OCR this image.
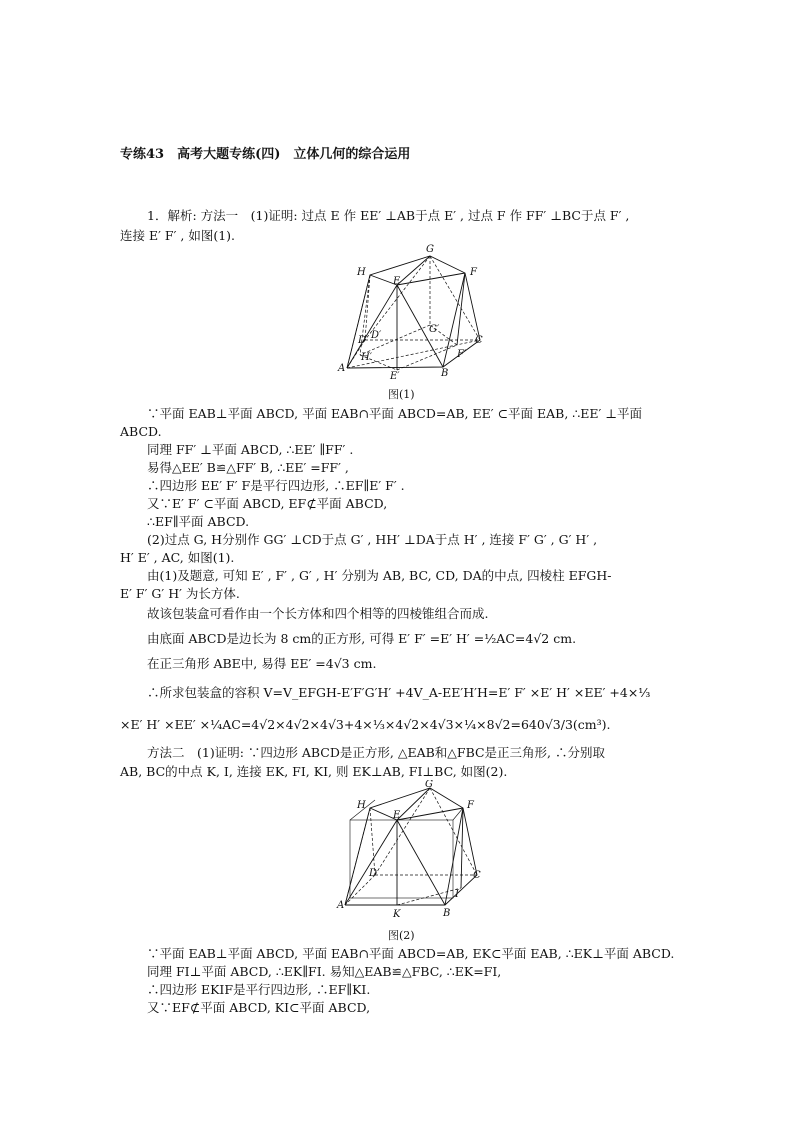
专练43　高考大题专练(四)　立体几何的综合运用
1．解析: 方法一　(1)证明: 过点 E 作 EE′ ⊥AB于点 E′ , 过点 F 作 FF′ ⊥BC于点 F′ ,
连接 E′ F′ , 如图(1).
G
H	F
E
D′
G′
C
D
F′
H′
A
E′	B
图(1)
∵平面 EAB⊥平面 ABCD, 平面 EAB∩平面 ABCD=AB, EE′ ⊂平面 EAB, ∴EE′ ⊥平面
ABCD.
同理 FF′ ⊥平面 ABCD, ∴EE′ ∥FF′ .
易得△EE′ B≌△FF′ B, ∴EE′ =FF′ ,
∴四边形 EE′ F′ F是平行四边形, ∴EF∥E′ F′ .
又∵E′ F′ ⊂平面 ABCD, EF⊄平面 ABCD,
∴EF∥平面 ABCD.
(2)过点 G, H分别作 GG′ ⊥CD于点 G′ , HH′ ⊥DA于点 H′ , 连接 F′ G′ , G′ H′ ,
H′ E′ , AC, 如图(1).
由(1)及题意, 可知 E′ , F′ , G′ , H′ 分别为 AB, BC, CD, DA的中点, 四棱柱 EFGH-
E′ F′ G′ H′ 为长方体.
故该包装盒可看作由一个长方体和四个相等的四棱锥组合而成.
由底面 ABCD是边长为 8 cm的正方形, 可得 E′ F′ =E′ H′ =½AC=4√2 cm.
在正三角形 ABE中, 易得 EE′ =4√3 cm.
∴所求包装盒的容积 V=V_EFGH-E′F′G′H′ +4V_A-EE′H′H=E′ F′ ×E′ H′ ×EE′ +4×⅓
×E′ H′ ×EE′ ×¼AC=4√2×4√2×4√3+4×⅓×4√2×4√3×¼×8√2=640√3/3(cm³).
方法二　(1)证明: ∵四边形 ABCD是正方形, △EAB和△FBC是正三角形, ∴分别取
AB, BC的中点 K, I, 连接 EK, FI, KI, 则 EK⊥AB, FI⊥BC, 如图(2).
G
H	F
E
D	C
I
A
K	B
图(2)
∵平面 EAB⊥平面 ABCD, 平面 EAB∩平面 ABCD=AB, EK⊂平面 EAB, ∴EK⊥平面 ABCD.
同理 FI⊥平面 ABCD, ∴EK∥FI. 易知△EAB≌△FBC, ∴EK=FI,
∴四边形 EKIF是平行四边形, ∴EF∥KI.
又∵EF⊄平面 ABCD, KI⊂平面 ABCD,
